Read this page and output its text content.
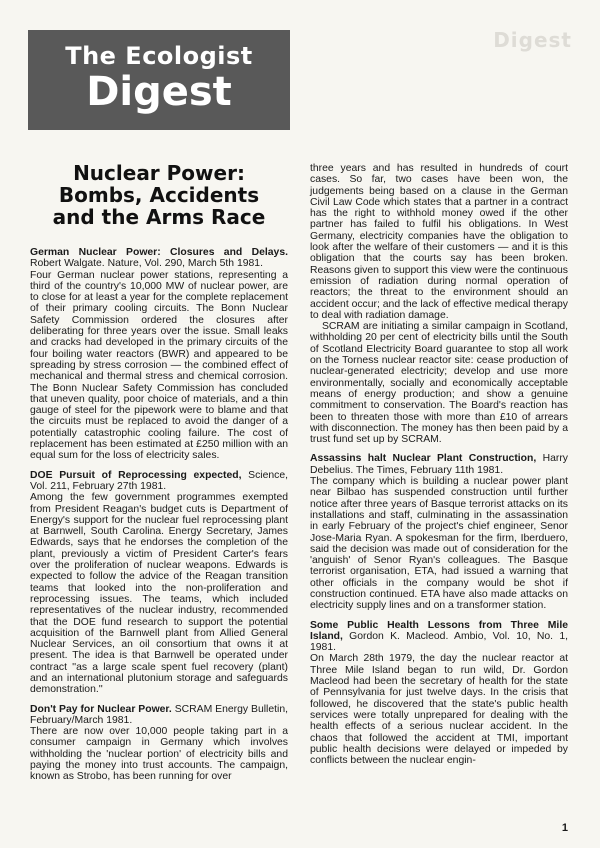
Digest
The Ecologist
Digest
Nuclear Power:
Bombs, Accidents
and the Arms Race
German Nuclear Power: Closures and Delays. Robert Walgate. Nature, Vol. 290, March 5th 1981.

Four German nuclear power stations, representing a third of the country's 10,000 MW of nuclear power, are to close for at least a year for the complete replacement of their primary cooling circuits. The Bonn Nuclear Safety Commission ordered the closures after deliberating for three years over the issue. Small leaks and cracks had developed in the primary circuits of the four boiling water reactors (BWR) and appeared to be spreading by stress corrosion — the combined effect of mechanical and thermal stress and chemical corrosion. The Bonn Nuclear Safety Commission has concluded that uneven quality, poor choice of materials, and a thin gauge of steel for the pipework were to blame and that the circuits must be replaced to avoid the danger of a potentially catastrophic cooling failure. The cost of replacement has been estimated at £250 million with an equal sum for the loss of electricity sales.

DOE Pursuit of Reprocessing expected, Science, Vol. 211, February 27th 1981.

Among the few government programmes exempted from President Reagan's budget cuts is Department of Energy's support for the nuclear fuel reprocessing plant at Barnwell, South Carolina. Energy Secretary, James Edwards, says that he endorses the completion of the plant, previously a victim of President Carter's fears over the proliferation of nuclear weapons. Edwards is expected to follow the advice of the Reagan transition teams that looked into the non-proliferation and reprocessing issues. The teams, which included representatives of the nuclear industry, recommended that the DOE fund research to support the potential acquisition of the Barnwell plant from Allied General Nuclear Services, an oil consortium that owns it at present. The idea is that Barnwell be operated under contract ''as a large scale spent fuel recovery (plant) and an international plutonium storage and safeguards demonstration.''

Don't Pay for Nuclear Power. SCRAM Energy Bulletin, February/March 1981.

There are now over 10,000 people taking part in a consumer campaign in Germany which involves withholding the 'nuclear portion' of electricity bills and paying the money into trust accounts. The campaign, known as Strobo, has been running for over

three years and has resulted in hundreds of court cases. So far, two cases have been won, the judgements being based on a clause in the German Civil Law Code which states that a partner in a contract has the right to withhold money owed if the other partner has failed to fulfil his obligations. In West Germany, electricity companies have the obligation to look after the welfare of their customers — and it is this obligation that the courts say has been broken. Reasons given to support this view were the continuous emission of radiation during normal operation of reactors; the threat to the environment should an accident occur; and the lack of effective medical therapy to deal with radiation damage.

SCRAM are initiating a similar campaign in Scotland, withholding 20 per cent of electricity bills until the South of Scotland Electricity Board guarantee to stop all work on the Torness nuclear reactor site: cease production of nuclear-generated electricity; develop and use more environmentally, socially and economically acceptable means of energy production; and show a genuine commitment to conservation. The Board's reaction has been to threaten those with more than £10 of arrears with disconnection. The money has then been paid by a trust fund set up by SCRAM.

Assassins halt Nuclear Plant Construction, Harry Debelius. The Times, February 11th 1981.

The company which is building a nuclear power plant near Bilbao has suspended construction until further notice after three years of Basque terrorist attacks on its installations and staff, culminating in the assassination in early February of the project's chief engineer, Senor Jose-Maria Ryan. A spokesman for the firm, Iberduero, said the decision was made out of consideration for the 'anguish' of Senor Ryan's colleagues. The Basque terrorist organisation, ETA, had issued a warning that other officials in the company would be shot if construction continued. ETA have also made attacks on electricity supply lines and on a transformer station.

Some Public Health Lessons from Three Mile Island, Gordon K. Macleod. Ambio, Vol. 10, No. 1, 1981.

On March 28th 1979, the day the nuclear reactor at Three Mile Island began to run wild, Dr. Gordon Macleod had been the secretary of health for the state of Pennsylvania for just twelve days. In the crisis that followed, he discovered that the state's public health services were totally unprepared for dealing with the health effects of a serious nuclear accident. In the chaos that followed the accident at TMI, important public health decisions were delayed or impeded by conflicts between the nuclear engin-

1
